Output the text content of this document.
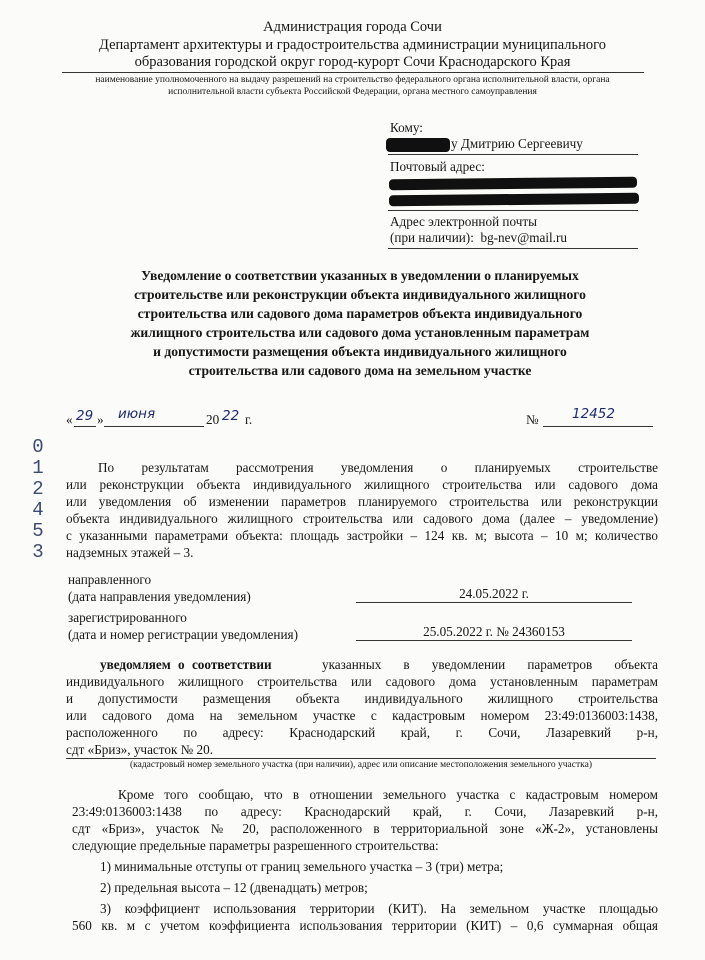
Администрация города Сочи
Департамент архитектуры и градостроительства администрации муниципального
образования городской округ город-курорт Сочи Краснодарского Края
наименование уполномоченного на выдачу разрешений на строительство федерального органа исполнительной власти, органа
исполнительной власти субъекта Российской Федерации, органа местного самоуправления
Кому:
у Дмитрию Сергеевичу
Почтовый адрес:
Адрес электронной почты
(при наличии): bg-nev@mail.ru
Уведомление о соответствии указанных в уведомлении о планируемых
строительстве или реконструкции объекта индивидуального жилищного
строительства или садового дома параметров объекта индивидуального
жилищного строительства или садового дома установленным параметрам
и допустимости размещения объекта индивидуального жилищного
строительства или садового дома на земельном участке
« 29 » июня	20 22 г.	№ 12452
0
1
2
4
5
3
По результатам рассмотрения уведомления о планируемых строительстве
или реконструкции объекта индивидуального жилищного строительства или садового дома
или уведомления об изменении параметров планируемого строительства или реконструкции
объекта индивидуального жилищного строительства или садового дома (далее – уведомление)
с указанными параметрами объекта: площадь застройки – 124 кв. м; высота – 10 м; количество
надземных этажей – 3.
направленного
(дата направления уведомления)	24.05.2022 г.
зарегистрированного
(дата и номер регистрации уведомления)	25.05.2022 г. № 24360153
уведомляем о соответствии	указанных в уведомлении параметров объекта
индивидуального жилищного строительства или садового дома установленным параметрам
и допустимости размещения объекта индивидуального жилищного строительства
или садового дома на земельном участке с кадастровым номером 23:49:0136003:1438,
расположенного по адресу: Краснодарский край, г. Сочи, Лазаревкий р-н,
сдт «Бриз», участок № 20.
(кадастровый номер земельного участка (при наличии), адрес или описание местоположения земельного участка)
Кроме того сообщаю, что в отношении земельного участка с кадастровым номером
23:49:0136003:1438 по адресу: Краснодарский край, г. Сочи, Лазаревкий р-н,
сдт «Бриз», участок № 20, расположенного в территориальной зоне «Ж-2», установлены
следующие предельные параметры разрешенного строительства:
1) минимальные отступы от границ земельного участка – 3 (три) метра;
2) предельная высота – 12 (двенадцать) метров;
3) коэффициент использования территории (КИТ). На земельном участке площадью
560 кв. м с учетом коэффициента использования территории (КИТ) – 0,6 суммарная общая
